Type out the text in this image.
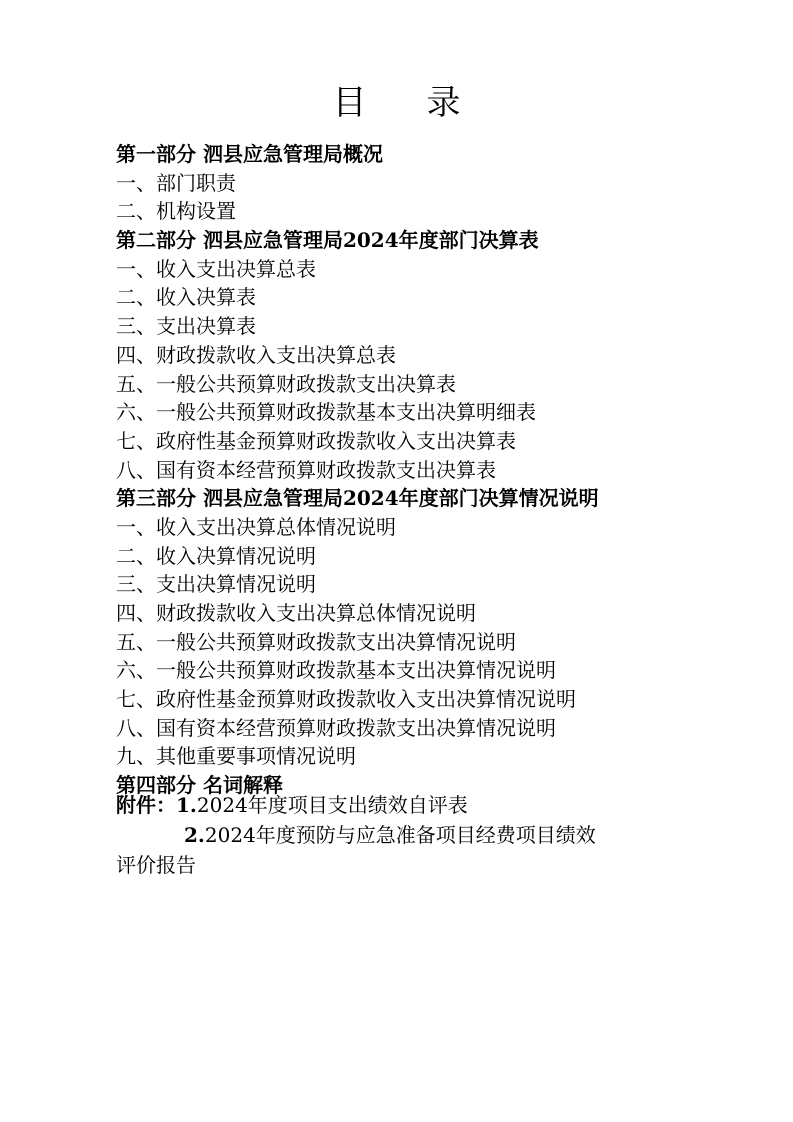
目 录
第一部分 泗县应急管理局概况
一、部门职责
二、机构设置
第二部分 泗县应急管理局2024年度部门决算表
一、收入支出决算总表
二、收入决算表
三、支出决算表
四、财政拨款收入支出决算总表
五、一般公共预算财政拨款支出决算表
六、一般公共预算财政拨款基本支出决算明细表
七、政府性基金预算财政拨款收入支出决算表
八、国有资本经营预算财政拨款支出决算表
第三部分 泗县应急管理局2024年度部门决算情况说明
一、收入支出决算总体情况说明
二、收入决算情况说明
三、支出决算情况说明
四、财政拨款收入支出决算总体情况说明
五、一般公共预算财政拨款支出决算情况说明
六、一般公共预算财政拨款基本支出决算情况说明
七、政府性基金预算财政拨款收入支出决算情况说明
八、国有资本经营预算财政拨款支出决算情况说明
九、其他重要事项情况说明
第四部分 名词解释
附件：1.2024年度项目支出绩效自评表
2.2024年度预防与应急准备项目经费项目绩效
评价报告
